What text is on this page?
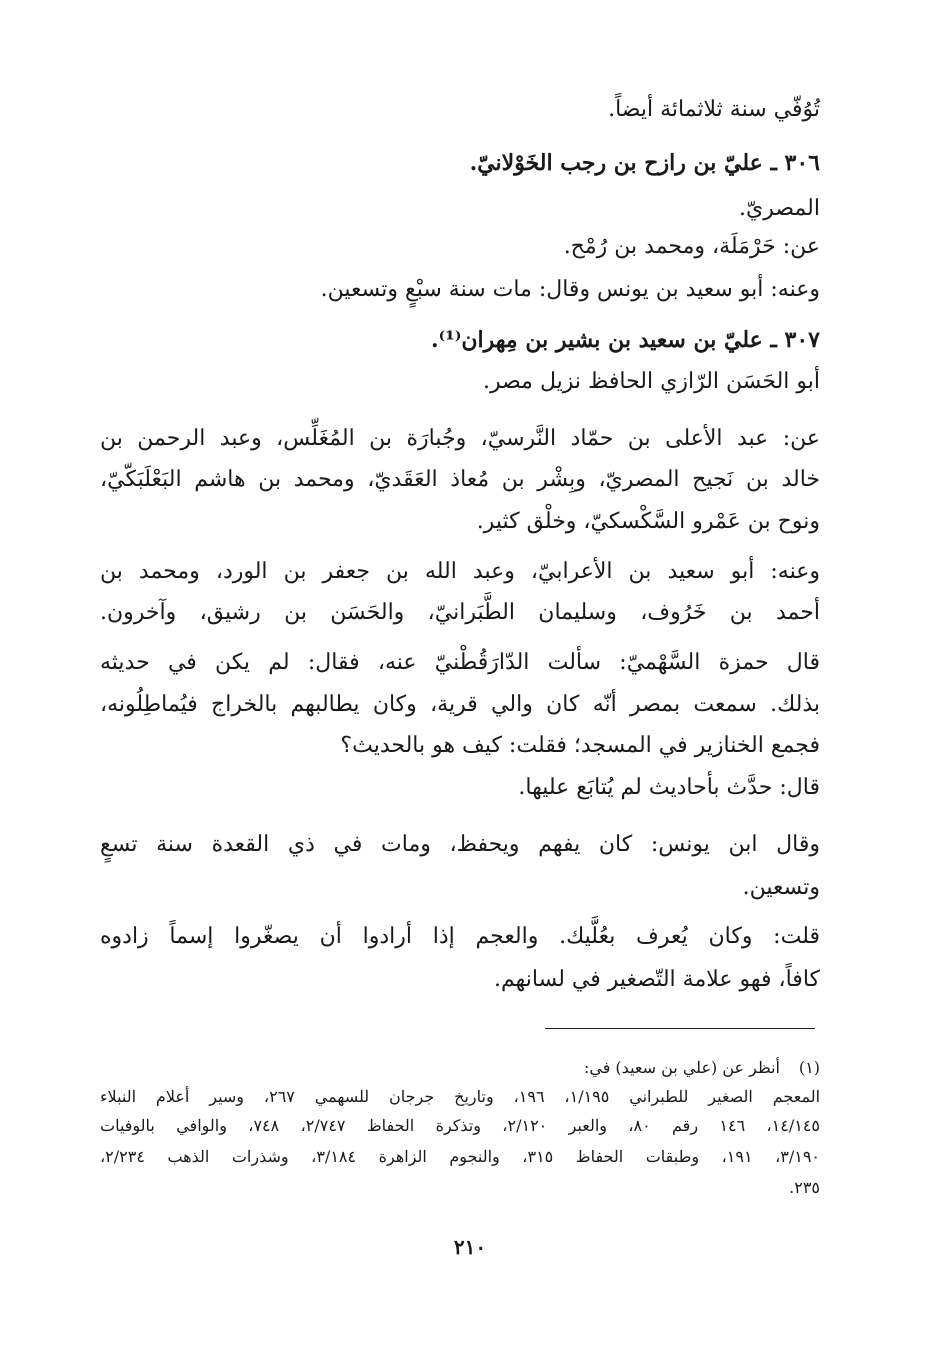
تُوُفّي سنة ثلاثمائة أيضاً.
٣٠٦ ـ عليّ بن رازح بن رجب الخَوْلانيّ.
المصريّ.
عن: حَرْمَلَة، ومحمد بن رُمْح.
وعنه: أبو سعيد بن يونس وقال: مات سنة سبْعٍ وتسعين.
٣٠٧ ـ عليّ بن سعيد بن بشير بن مِهران⁽¹⁾.
أبو الحَسَن الرّازي الحافظ نزيل مصر.
عن: عبد الأعلى بن حمّاد النَّرسيّ، وجُبارَة بن المُغَلِّس، وعبد الرحمن بن
خالد بن نَجيح المصريّ، وبِشْر بن مُعاذ العَقَديّ، ومحمد بن هاشم البَعْلَبَكّيّ،
ونوح بن عَمْرو السَّكْسكيّ، وخلْق كثير.
وعنه: أبو سعيد بن الأعرابيّ، وعبد الله بن جعفر بن الورد، ومحمد بن
أحمد بن خَرُوف، وسليمان الطَّبَرانيّ، والحَسَن بن رشيق، وآخرون.
قال حمزة السَّهْميّ: سألت الدّارَقُطْنيّ عنه، فقال: لم يكن في حديثه
بذلك. سمعت بمصر أنّه كان والي قرية، وكان يطالبهم بالخراج فيُماطِلُونه،
فجمع الخنازير في المسجد؛ فقلت: كيف هو بالحديث؟
قال: حدَّث بأحاديث لم يُتابَع عليها.
وقال ابن يونس: كان يفهم ويحفظ، ومات في ذي القعدة سنة تسعٍ
وتسعين.
قلت: وكان يُعرف بعُلَّيك. والعجم إذا أرادوا أن يصغّروا إسماً زادوه
كافاً، فهو علامة التّصغير في لسانهم.
(١)
أنظر عن (علي بن سعيد) في:
المعجم الصغير للطبراني ١/١٩٥، ١٩٦، وتاريخ جرجان للسهمي ٢٦٧، وسير أعلام النبلاء
١٤/١٤٥، ١٤٦ رقم ٨٠، والعبر ٢/١٢٠، وتذكرة الحفاظ ٢/٧٤٧، ٧٤٨، والوافي بالوفيات
٣/١٩٠، ١٩١، وطبقات الحفاظ ٣١٥، والنجوم الزاهرة ٣/١٨٤، وشذرات الذهب ٢/٢٣٤،
٢٣٥.
٢١٠
